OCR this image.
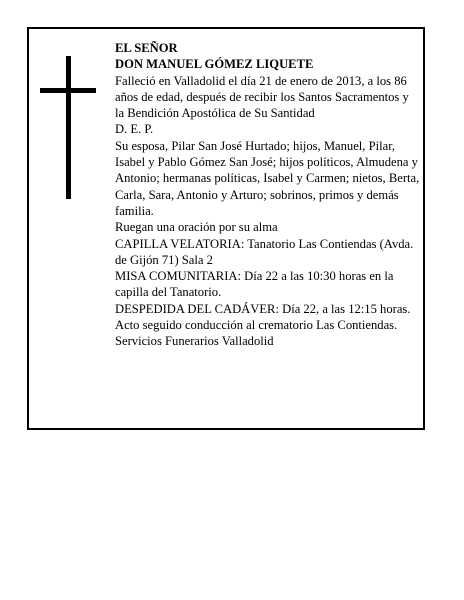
EL SEÑOR

DON MANUEL GÓMEZ LIQUETE

Falleció en Valladolid el día 21 de enero de 2013, a los 86 años de edad, después de recibir los Santos Sacramentos y la Bendición Apostólica de Su Santidad

D. E. P.

Su esposa, Pilar San José Hurtado; hijos, Manuel, Pilar, Isabel y Pablo Gómez San José; hijos políticos, Almudena y Antonio; hermanas políticas, Isabel y Carmen; nietos, Berta, Carla, Sara, Antonio y Arturo; sobrinos, primos y demás familia.

Ruegan una oración por su alma

CAPILLA VELATORIA: Tanatorio Las Contiendas (Avda. de Gijón 71) Sala 2

MISA COMUNITARIA: Día 22 a las 10:30 horas en la capilla del Tanatorio.

DESPEDIDA DEL CADÁVER: Día 22, a las 12:15 horas. Acto seguido conducción al crematorio Las Contiendas.

Servicios Funerarios Valladolid
